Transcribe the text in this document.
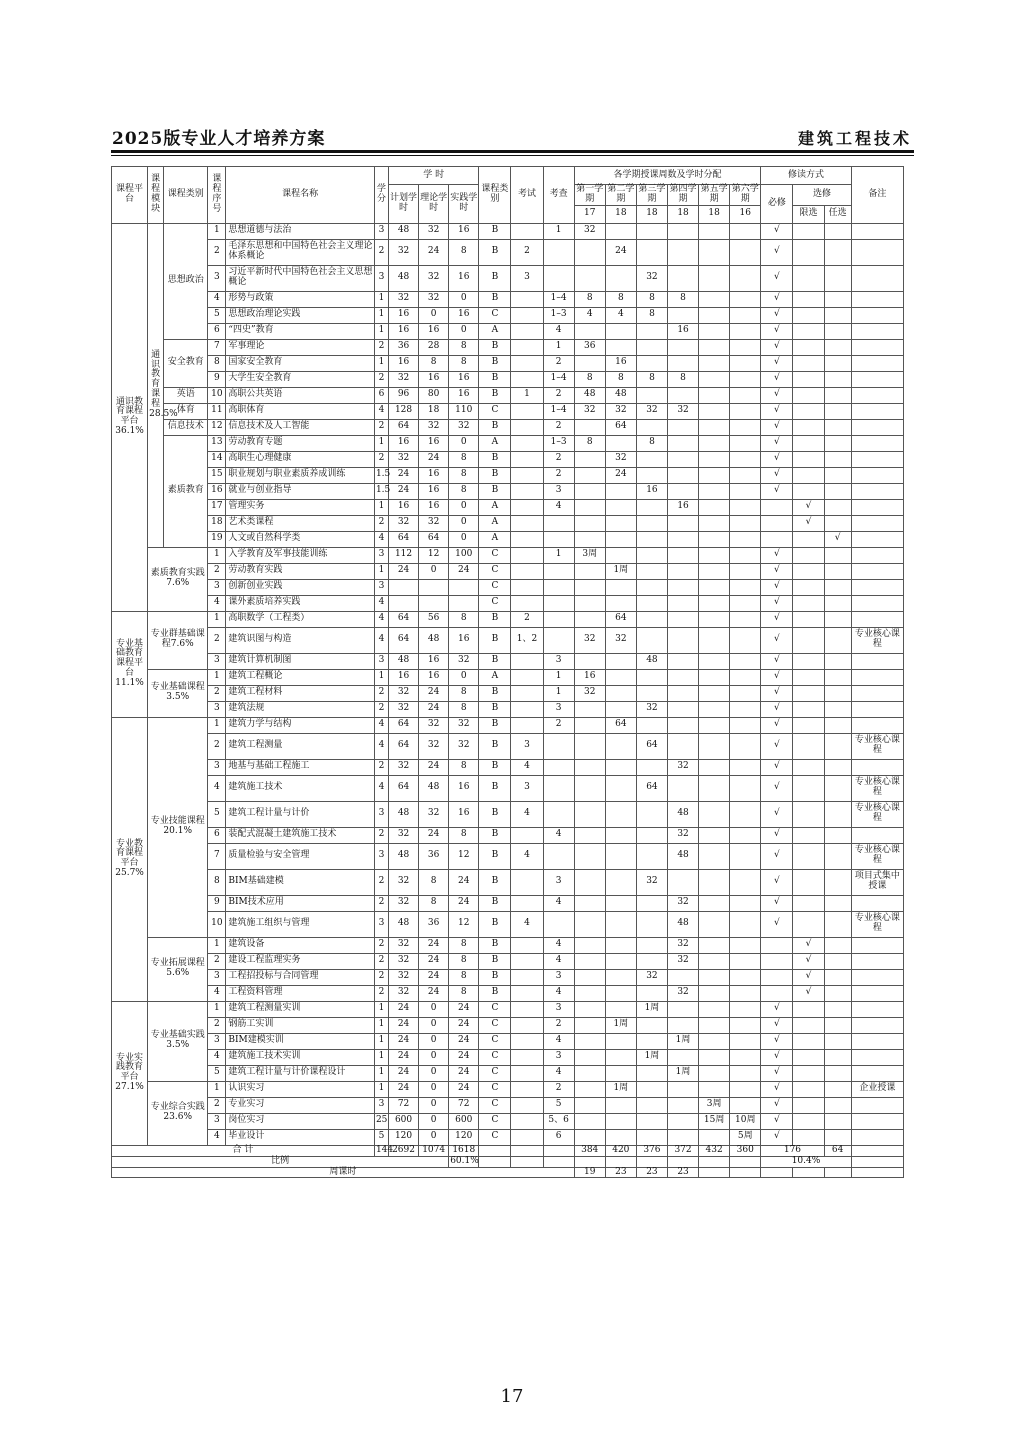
2025版专业人才培养方案	建筑工程技术
课程平台	课程模块	课程类别	课程序号	课程名称	学分	学 时			课程类别	考试	考查	各学期授课周数及学时分配						修读方式			备注
						计划学时	理论学时	实践学时				第一学期	第二学期	第三学期	第四学期	第五学期	第六学期	必修	选修		
												17	18	18	18	18	16		限选	任选	
通识教育课程平台36.1%	通识教育课程28.5%	思想政治	1	思想道德与法治	3	48	32	16	B		1	32						√			
			2	毛泽东思想和中国特色社会主义理论体系概论	2	32	24	8	B	2			24					√			
			3	习近平新时代中国特色社会主义思想概论	3	48	32	16	B	3				32				√			
			4	形势与政策	1	32	32	0	B		1–4	8	8	8	8			√			
			5	思想政治理论实践	1	16	0	16	C		1–3	4	4	8				√			
			6	“四史”教育	1	16	16	0	A		4				16			√			
		安全教育	7	军事理论	2	36	28	8	B		1	36						√			
			8	国家安全教育	1	16	8	8	B		2		16					√			
			9	大学生安全教育	2	32	16	16	B		1–4	8	8	8	8			√			
		英语	10	高职公共英语	6	96	80	16	B	1	2	48	48					√			
		体育	11	高职体育	4	128	18	110	C		1–4	32	32	32	32			√			
		信息技术	12	信息技术及人工智能	2	64	32	32	B		2		64					√			
		素质教育	13	劳动教育专题	1	16	16	0	A		1–3	8		8				√			
			14	高职生心理健康	2	32	24	8	B		2		32					√			
			15	职业规划与职业素质养成训练	1.5	24	16	8	B		2		24					√			
			16	就业与创业指导	1.5	24	16	8	B		3			16				√			
			17	管理实务	1	16	16	0	A		4				16				√		
			18	艺术类课程	2	32	32	0	A										√		
			19	人文或自然科学类	4	64	64	0	A											√	
	素质教育实践7.6%		1	入学教育及军事技能训练	3	112	12	100	C		1	3周						√			
			2	劳动教育实践	1	24	0	24	C				1周					√			
			3	创新创业实践	3				C									√			
			4	课外素质培养实践	4				C									√			
专业基础教育课程平台11.1%	专业群基础课程7.6%		1	高职数学（工程类）	4	64	56	8	B	2			64					√			
			2	建筑识图与构造	4	64	48	16	B	1、2		32	32					√			专业核心课程
			3	建筑计算机制图	3	48	16	32	B		3			48				√			
	专业基础课程3.5%		1	建筑工程概论	1	16	16	0	A		1	16						√			
			2	建筑工程材料	2	32	24	8	B		1	32						√			
			3	建筑法规	2	32	24	8	B		3			32				√			
专业教育课程平台25.7%	专业技能课程20.1%		1	建筑力学与结构	4	64	32	32	B		2		64					√			
			2	建筑工程测量	4	64	32	32	B	3				64				√			专业核心课程
			3	地基与基础工程施工	2	32	24	8	B	4					32			√			
			4	建筑施工技术	4	64	48	16	B	3				64				√			专业核心课程
			5	建筑工程计量与计价	3	48	32	16	B	4					48			√			专业核心课程
			6	装配式混凝土建筑施工技术	2	32	24	8	B		4				32			√			
			7	质量检验与安全管理	3	48	36	12	B	4					48			√			专业核心课程
			8	BIM基础建模	2	32	8	24	B		3			32				√			项目式集中授课
			9	BIM技术应用	2	32	8	24	B		4				32			√			
			10	建筑施工组织与管理	3	48	36	12	B	4					48			√			专业核心课程
	专业拓展课程5.6%		1	建筑设备	2	32	24	8	B		4				32				√		
			2	建设工程监理实务	2	32	24	8	B		4				32				√		
			3	工程招投标与合同管理	2	32	24	8	B		3			32					√		
			4	工程资料管理	2	32	24	8	B		4				32				√		
专业实践教育平台27.1%	专业基础实践3.5%		1	建筑工程测量实训	1	24	0	24	C		3			1周				√			
			2	钢筋工实训	1	24	0	24	C		2		1周					√			
			3	BIM建模实训	1	24	0	24	C		4				1周			√			
			4	建筑施工技术实训	1	24	0	24	C		3			1周				√			
			5	建筑工程计量与计价课程设计	1	24	0	24	C		4				1周			√			
	专业综合实践23.6%		1	认识实习	1	24	0	24	C		2		1周					√			企业授课
			2	专业实习	3	72	0	72	C		5					3周		√			
			3	岗位实习	25	600	0	600	C		5、6					15周	10周	√			
			4	毕业设计	5	120	0	120	C		6						5周	√			
合 计					144	2692	1074	1618				384	420	376	372	432	360	176		64	
比例								60.1%										10.4%			
周课时												19	23	23	23						
17
